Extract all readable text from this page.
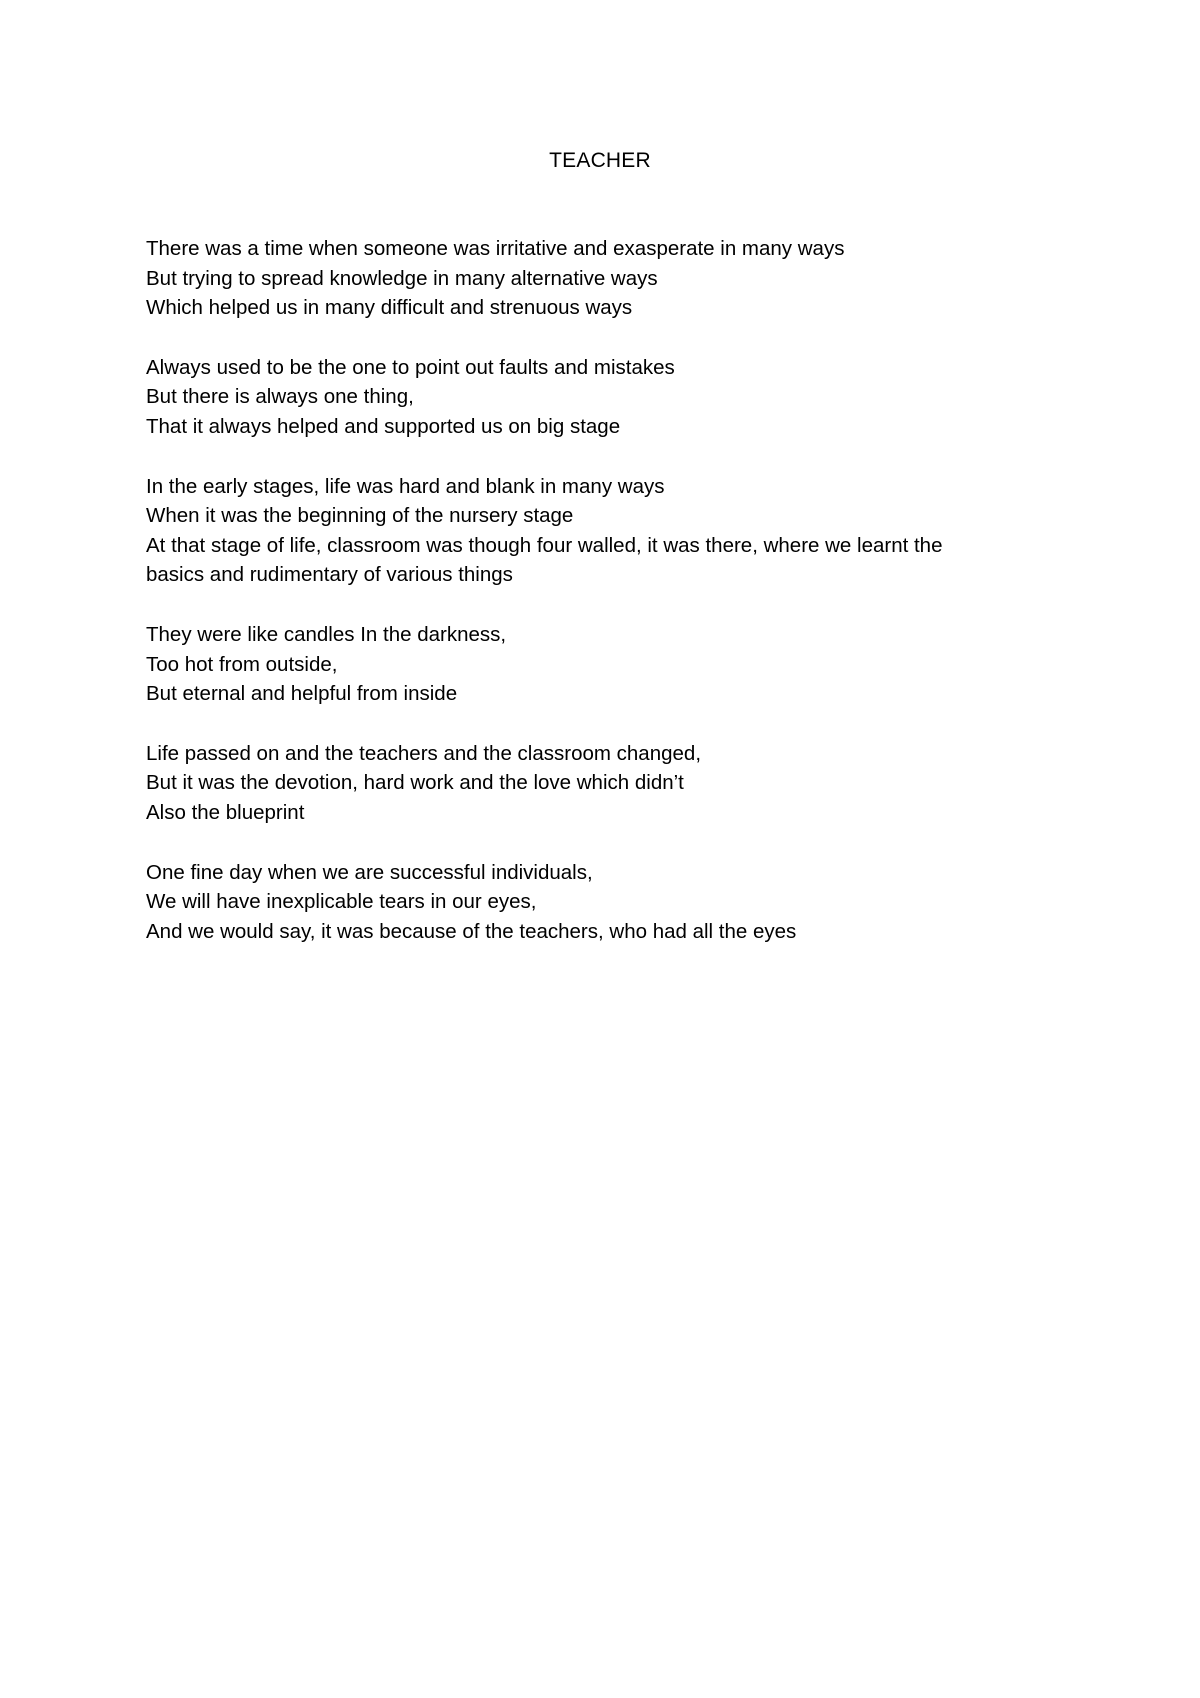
TEACHER
There was a time when someone was irritative and exasperate in many ways
But trying to spread knowledge in many alternative ways
Which helped us in many difficult and strenuous ways
Always used to be the one to point out faults and mistakes
But there is always one thing,
That it always helped and supported us on big stage
In the early stages, life was hard and blank in many ways
When it was the beginning of the nursery stage
At that stage of life, classroom was though four walled, it was there, where we learnt the
basics and rudimentary of various things
They were like candles In the darkness,
Too hot from outside,
But eternal and helpful from inside
Life passed on and the teachers and the classroom changed,
But it was the devotion, hard work and the love which didn’t
Also the blueprint
One fine day when we are successful individuals,
We will have inexplicable tears in our eyes,
And we would say, it was because of the teachers, who had all the eyes
